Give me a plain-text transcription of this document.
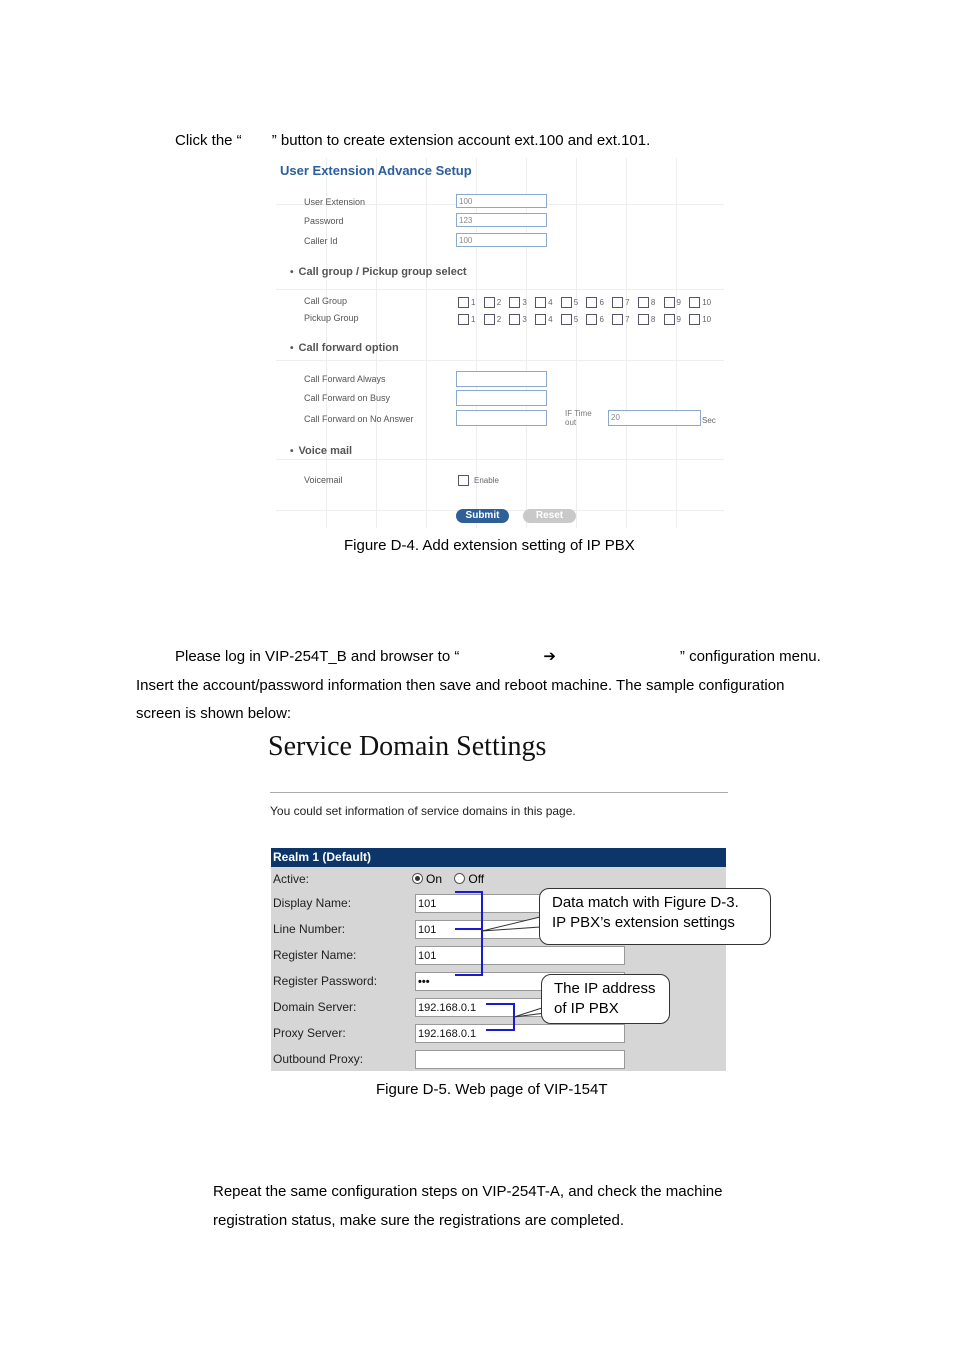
Click the “ ” button to create extension account ext.100 and ext.101.
User Extension Advance Setup
User Extension	100
Password	123
Caller Id	100
• Call group / Pickup group select
Call Group	1	2	3	4	5	6	7	8	9	10
Pickup Group	1	2	3	4	5	6	7	8	9	10
• Call forward option
Call Forward Always
Call Forward on Busy
Call Forward on No Answer
IF Time
out
20	Sec
• Voice mail
Voicemail	Enable
Submit	Reset
Figure D-4. Add extension setting of IP PBX
Please log in VIP-254T_B and browser to “	➔	” configuration menu.
Insert the account/password information then save and reboot machine. The sample configuration
screen is shown below:
Service Domain Settings
You could set information of service domains in this page.
Realm 1 (Default)
Active:	On Off
Display Name:	101
Line Number:	101
Register Name:	101
Register Password:	•••
Domain Server:	192.168.0.1
Proxy Server:	192.168.0.1
Outbound Proxy:
Data match with Figure D-3.
IP PBX’s extension settings
The IP address
of IP PBX
Figure D-5. Web page of VIP-154T
Repeat the same configuration steps on VIP-254T-A, and check the machine
registration status, make sure the registrations are completed.
